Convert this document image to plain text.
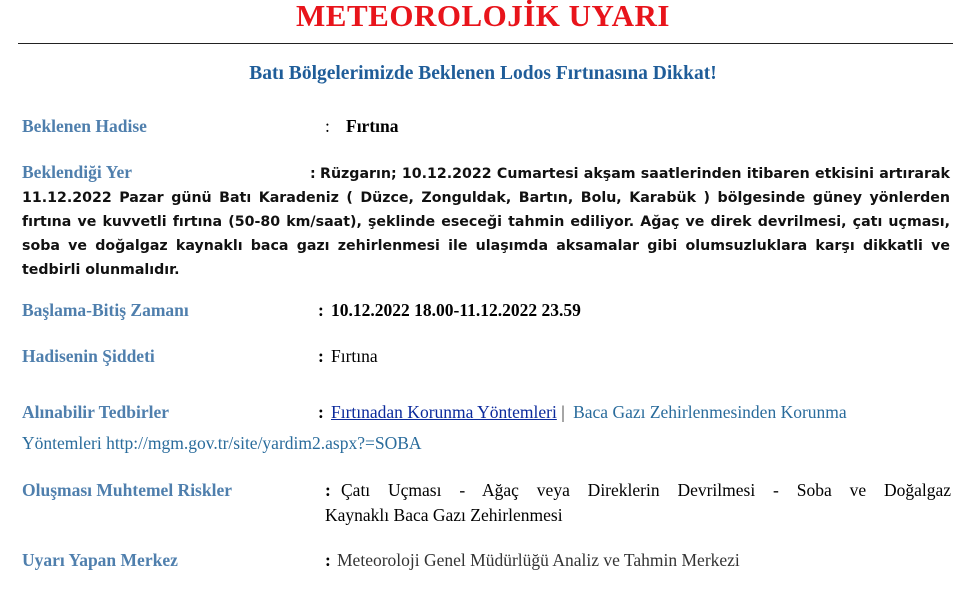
METEOROLOJİK UYARI
Batı Bölgelerimizde Beklenen Lodos Fırtınasına Dikkat!
Beklenen Hadise	: Fırtına
Beklendiği Yer	: Rüzgarın; 10.12.2022 Cumartesi akşam saatlerinden itibaren etkisini artırarak 11.12.2022 Pazar günü Batı Karadeniz ( Düzce, Zonguldak, Bartın, Bolu, Karabük ) bölgesinde güney yönlerden fırtına ve kuvvetli fırtına (50-80 km/saat), şeklinde eseceği tahmin ediliyor. Ağaç ve direk devrilmesi, çatı uçması, soba ve doğalgaz kaynaklı baca gazı zehirlenmesi ile ulaşımda aksamalar gibi olumsuzluklara karşı dikkatli ve tedbirli olunmalıdır.
Başlama-Bitiş Zamanı	: 10.12.2022 18.00-11.12.2022 23.59
Hadisenin Şiddeti	: Fırtına
Alınabilir Tedbirler	: Fırtınadan Korunma Yöntemleri | Baca Gazı Zehirlenmesinden Korunma
Yöntemleri http://mgm.gov.tr/site/yardim2.aspx?=SOBA
Oluşması Muhtemel Riskler	: Çatı Uçması - Ağaç veya Direklerin Devrilmesi - Soba ve Doğalgaz
Kaynaklı Baca Gazı Zehirlenmesi
Uyarı Yapan Merkez	: Meteoroloji Genel Müdürlüğü Analiz ve Tahmin Merkezi
